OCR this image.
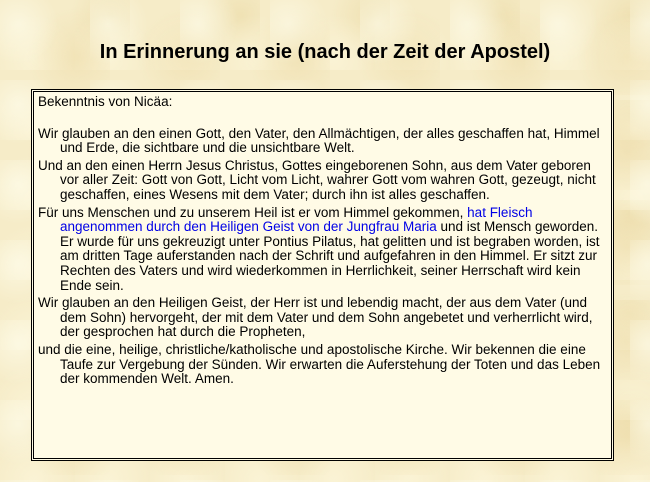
In Erinnerung an sie (nach der Zeit der Apostel)

Bekenntnis von Nicäa:

Wir glauben an den einen Gott, den Vater, den Allmächtigen, der alles geschaffen hat, Himmel und Erde, die sichtbare und die unsichtbare Welt.

Und an den einen Herrn Jesus Christus, Gottes eingeborenen Sohn, aus dem Vater geboren vor aller Zeit: Gott von Gott, Licht vom Licht, wahrer Gott vom wahren Gott, gezeugt, nicht geschaffen, eines Wesens mit dem Vater; durch ihn ist alles geschaffen.

Für uns Menschen und zu unserem Heil ist er vom Himmel gekommen, hat Fleisch angenommen durch den Heiligen Geist von der Jungfrau Maria und ist Mensch geworden. Er wurde für uns gekreuzigt unter Pontius Pilatus, hat gelitten und ist begraben worden, ist am dritten Tage auferstanden nach der Schrift und aufgefahren in den Himmel. Er sitzt zur Rechten des Vaters und wird wiederkommen in Herrlichkeit, seiner Herrschaft wird kein Ende sein.

Wir glauben an den Heiligen Geist, der Herr ist und lebendig macht, der aus dem Vater (und dem Sohn) hervorgeht, der mit dem Vater und dem Sohn angebetet und verherrlicht wird, der gesprochen hat durch die Propheten,

und die eine, heilige, christliche/katholische und apostolische Kirche. Wir bekennen die eine Taufe zur Vergebung der Sünden. Wir erwarten die Auferstehung der Toten und das Leben der kommenden Welt. Amen.
